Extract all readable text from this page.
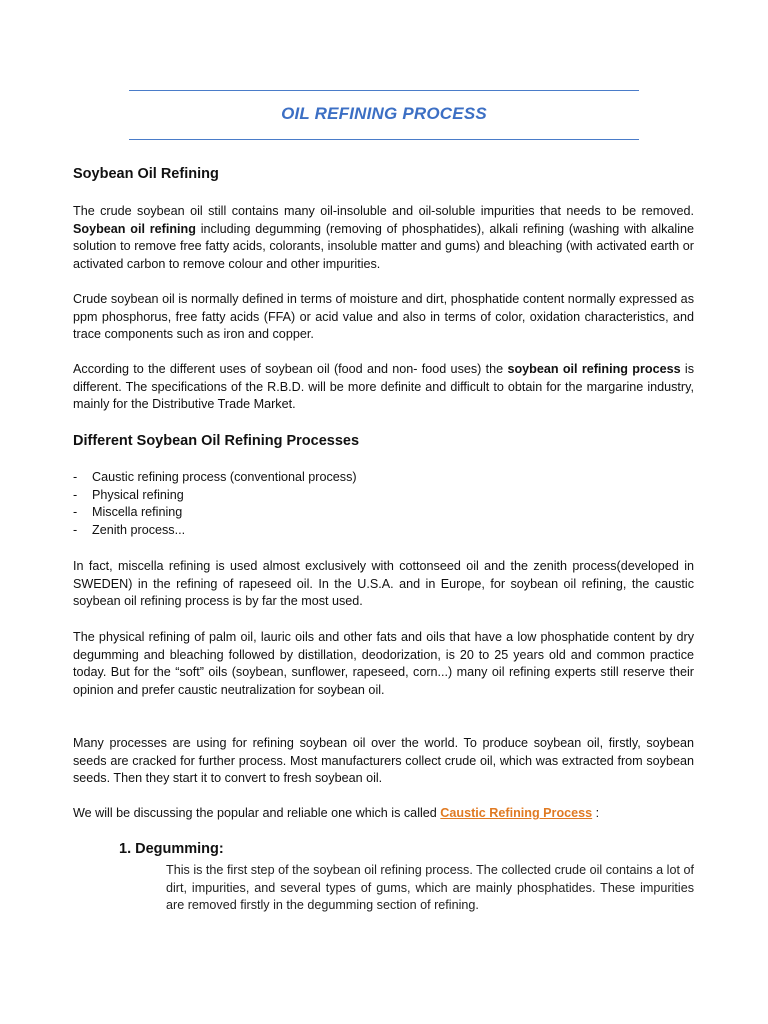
OIL REFINING PROCESS
Soybean Oil Refining
The crude soybean oil still contains many oil-insoluble and oil-soluble impurities that needs to be removed. Soybean oil refining including degumming (removing of phosphatides), alkali refining (washing with alkaline solution to remove free fatty acids, colorants, insoluble matter and gums) and bleaching (with activated earth or activated carbon to remove colour and other impurities.
Crude soybean oil is normally defined in terms of moisture and dirt, phosphatide content normally expressed as ppm phosphorus, free fatty acids (FFA) or acid value and also in terms of color, oxidation characteristics, and trace components such as iron and copper.
According to the different uses of soybean oil (food and non- food uses) the soybean oil refining process is different. The specifications of the R.B.D. will be more definite and difficult to obtain for the margarine industry, mainly for the Distributive Trade Market.
Different Soybean Oil Refining Processes
- Caustic refining process (conventional process)
- Physical refining
- Miscella refining
- Zenith process...
In fact, miscella refining is used almost exclusively with cottonseed oil and the zenith process(developed in SWEDEN) in the refining of rapeseed oil. In the U.S.A. and in Europe, for soybean oil refining, the caustic soybean oil refining process is by far the most used.
The physical refining of palm oil, lauric oils and other fats and oils that have a low phosphatide content by dry degumming and bleaching followed by distillation, deodorization, is 20 to 25 years old and common practice today. But for the “soft” oils (soybean, sunflower, rapeseed, corn...) many oil refining experts still reserve their opinion and prefer caustic neutralization for soybean oil.
Many processes are using for refining soybean oil over the world. To produce soybean oil, firstly, soybean seeds are cracked for further process. Most manufacturers collect crude oil, which was extracted from soybean seeds. Then they start it to convert to fresh soybean oil.
We will be discussing the popular and reliable one which is called Caustic Refining Process :
1. Degumming:
This is the first step of the soybean oil refining process. The collected crude oil contains a lot of dirt, impurities, and several types of gums, which are mainly phosphatides. These impurities are removed firstly in the degumming section of refining.
